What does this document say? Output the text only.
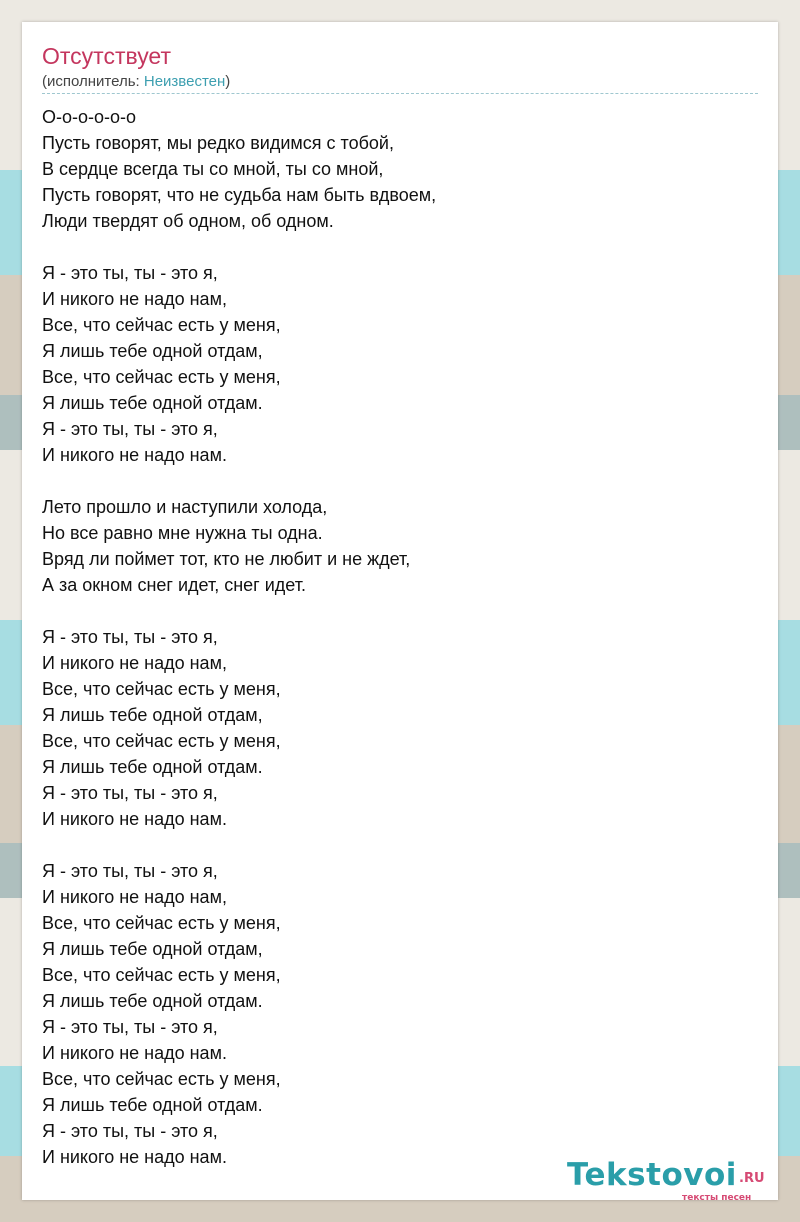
Отсутствует
(исполнитель: Неизвестен)
О-о-о-о-о-о
Пусть говорят, мы редко видимся с тобой,
В сердце всегда ты со мной, ты со мной,
Пусть говорят, что не судьба нам быть вдвоем,
Люди твердят об одном, об одном.
Я - это ты, ты - это я,
И никого не надо нам,
Все, что сейчас есть у меня,
Я лишь тебе одной отдам,
Все, что сейчас есть у меня,
Я лишь тебе одной отдам.
Я - это ты, ты - это я,
И никого не надо нам.
Лето прошло и наступили холода,
Но все равно мне нужна ты одна.
Вряд ли поймет тот, кто не любит и не ждет,
А за окном снег идет, снег идет.
Я - это ты, ты - это я,
И никого не надо нам,
Все, что сейчас есть у меня,
Я лишь тебе одной отдам,
Все, что сейчас есть у меня,
Я лишь тебе одной отдам.
Я - это ты, ты - это я,
И никого не надо нам.
Я - это ты, ты - это я,
И никого не надо нам,
Все, что сейчас есть у меня,
Я лишь тебе одной отдам,
Все, что сейчас есть у меня,
Я лишь тебе одной отдам.
Я - это ты, ты - это я,
И никого не надо нам.
Все, что сейчас есть у меня,
Я лишь тебе одной отдам.
Я - это ты, ты - это я,
И никого не надо нам.	Tekstovoi .RU
тексты песен
